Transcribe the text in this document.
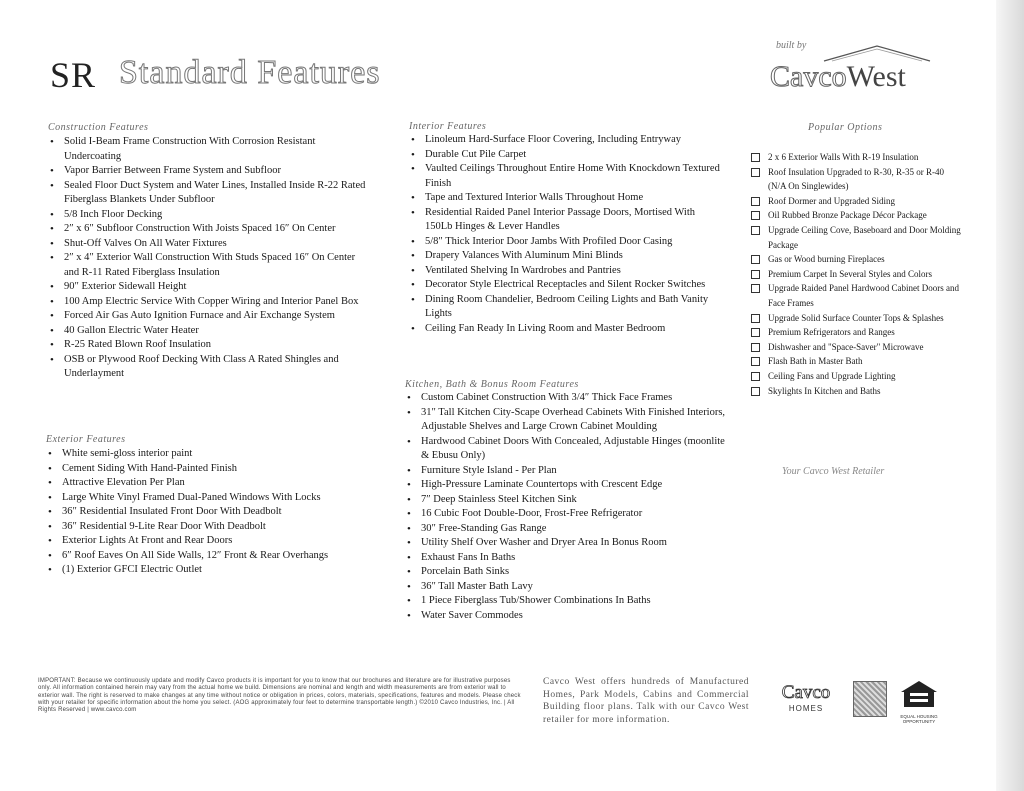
SR Standard Features
built by
CavcoWest
Construction Features
• Solid I-Beam Frame Construction With Corrosion Resistant Undercoating
• Vapor Barrier Between Frame System and Subfloor
• Sealed Floor Duct System and Water Lines, Installed Inside R-22 Rated Fiberglass Blankets Under Subfloor
• 5/8 Inch Floor Decking
• 2″ x 6″ Subfloor Construction With Joists Spaced 16″ On Center
• Shut-Off Valves On All Water Fixtures
• 2″ x 4″ Exterior Wall Construction With Studs Spaced 16″ On Center and R-11 Rated Fiberglass Insulation
• 90″ Exterior Sidewall Height
• 100 Amp Electric Service With Copper Wiring and Interior Panel Box
• Forced Air Gas Auto Ignition Furnace and Air Exchange System
• 40 Gallon Electric Water Heater
• R-25 Rated Blown Roof Insulation
• OSB or Plywood Roof Decking With Class A Rated Shingles and Underlayment
Exterior Features
• White semi-gloss interior paint
• Cement Siding With Hand-Painted Finish
• Attractive Elevation Per Plan
• Large White Vinyl Framed Dual-Paned Windows With Locks
• 36″ Residential Insulated Front Door With Deadbolt
• 36″ Residential 9-Lite Rear Door With Deadbolt
• Exterior Lights At Front and Rear Doors
• 6″ Roof Eaves On All Side Walls, 12″ Front & Rear Overhangs
• (1) Exterior GFCI Electric Outlet
Interior Features
• Linoleum Hard-Surface Floor Covering, Including Entryway
• Durable Cut Pile Carpet
• Vaulted Ceilings Throughout Entire Home With Knockdown Textured Finish
• Tape and Textured Interior Walls Throughout Home
• Residential Raided Panel Interior Passage Doors, Mortised With 150Lb Hinges & Lever Handles
• 5/8″ Thick Interior Door Jambs With Profiled Door Casing
• Drapery Valances With Aluminum Mini Blinds
• Ventilated Shelving In Wardrobes and Pantries
• Decorator Style Electrical Receptacles and Silent Rocker Switches
• Dining Room Chandelier, Bedroom Ceiling Lights and Bath Vanity Lights
• Ceiling Fan Ready In Living Room and Master Bedroom
Kitchen, Bath & Bonus Room Features
• Custom Cabinet Construction With 3/4″ Thick Face Frames
• 31″ Tall Kitchen City-Scape Overhead Cabinets With Finished Interiors, Adjustable Shelves and Large Crown Cabinet Moulding
• Hardwood Cabinet Doors With Concealed, Adjustable Hinges (moonlite & Ebusu Only)
• Furniture Style Island - Per Plan
• High-Pressure Laminate Countertops with Crescent Edge
• 7″ Deep Stainless Steel Kitchen Sink
• 16 Cubic Foot Double-Door, Frost-Free Refrigerator
• 30″ Free-Standing Gas Range
• Utility Shelf Over Washer and Dryer Area In Bonus Room
• Exhaust Fans In Baths
• Porcelain Bath Sinks
• 36″ Tall Master Bath Lavy
• 1 Piece Fiberglass Tub/Shower Combinations In Baths
• Water Saver Commodes
Popular Options
2 x 6 Exterior Walls With R-19 Insulation
Roof Insulation Upgraded to R-30, R-35 or R-40 (N/A On Singlewides)
Roof Dormer and Upgraded Siding
Oil Rubbed Bronze Package Décor Package
Upgrade Ceiling Cove, Baseboard and Door Molding Package
Gas or Wood burning Fireplaces
Premium Carpet In Several Styles and Colors
Upgrade Raided Panel Hardwood Cabinet Doors and Face Frames
Upgrade Solid Surface Counter Tops & Splashes
Premium Refrigerators and Ranges
Dishwasher and "Space-Saver" Microwave
Flash Bath in Master Bath
Ceiling Fans and Upgrade Lighting
Skylights In Kitchen and Baths
Your Cavco West Retailer
IMPORTANT: Because we continuously update and modify Cavco products it is important for you to know that our brochures and literature are for illustrative purposes only. All information contained herein may vary from the actual home we build. Dimensions are nominal and length and width measurements are from exterior wall to exterior wall. The right is reserved to make changes at any time without notice or obligation in prices, colors, materials, specifications, features and models. Please check with your retailer for specific information about the home you select. (AOG approximately four feet to determine transportable length.) ©2010 Cavco Industries, Inc. | All Rights Reserved | www.cavco.com
Cavco West offers hundreds of Manufactured Homes, Park Models, Cabins and Commercial Building floor plans. Talk with our Cavco West retailer for more information.
Cavco
HOMES
EQUAL HOUSING OPPORTUNITY
